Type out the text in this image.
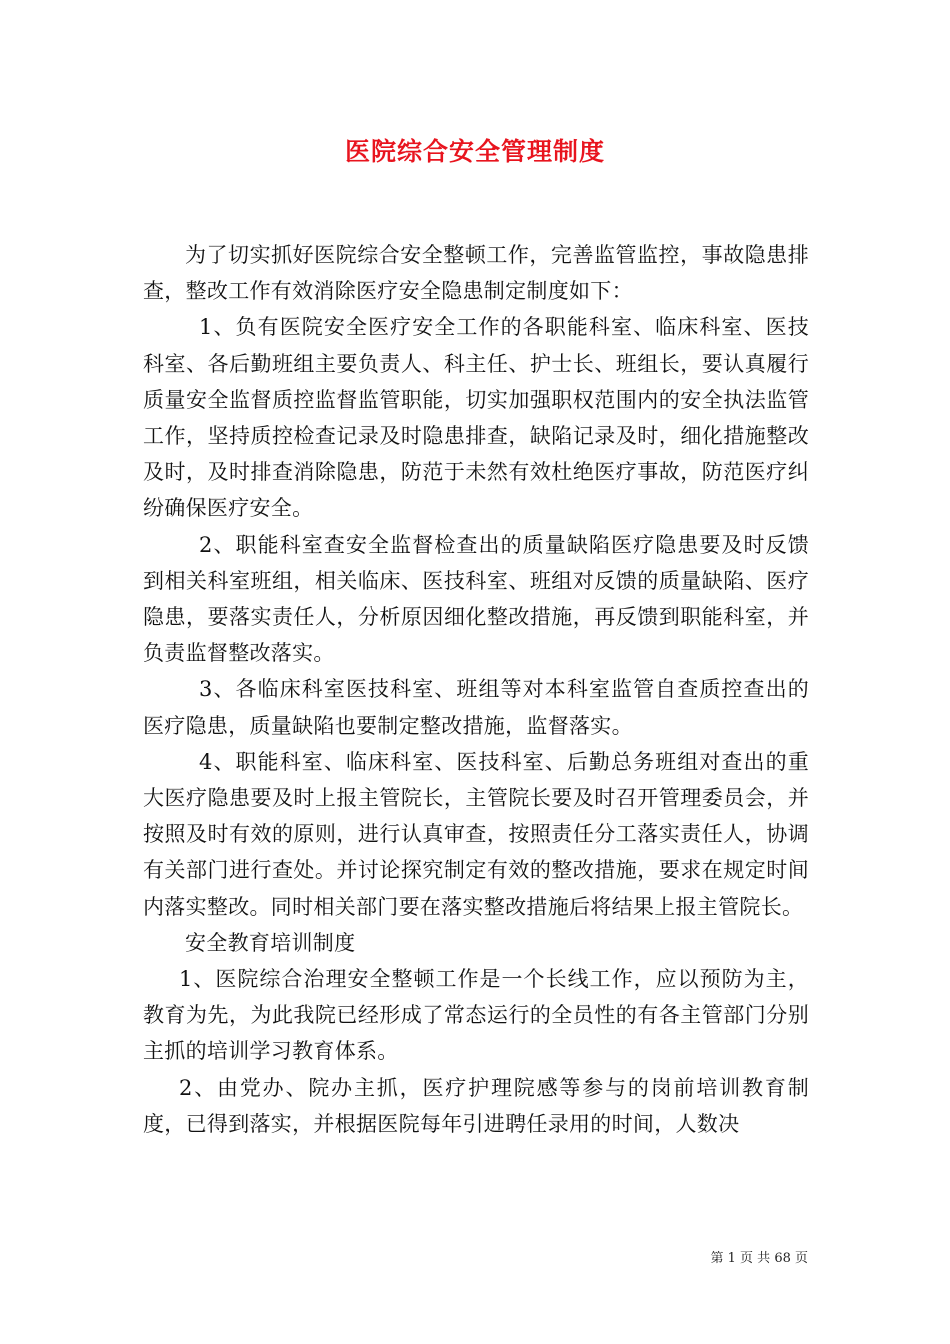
医院综合安全管理制度

为了切实抓好医院综合安全整顿工作，完善监管监控，事故隐患排查，整改工作有效消除医疗安全隐患制定制度如下：

1、负有医院安全医疗安全工作的各职能科室、临床科室、医技科室、各后勤班组主要负责人、科主任、护士长、班组长，要认真履行质量安全监督质控监督监管职能，切实加强职权范围内的安全执法监管工作，坚持质控检查记录及时隐患排查，缺陷记录及时，细化措施整改及时，及时排查消除隐患，防范于未然有效杜绝医疗事故，防范医疗纠纷确保医疗安全。

2、职能科室查安全监督检查出的质量缺陷医疗隐患要及时反馈到相关科室班组，相关临床、医技科室、班组对反馈的质量缺陷、医疗隐患，要落实责任人，分析原因细化整改措施，再反馈到职能科室，并负责监督整改落实。

3、各临床科室医技科室、班组等对本科室监管自查质控查出的医疗隐患，质量缺陷也要制定整改措施，监督落实。

4、职能科室、临床科室、医技科室、后勤总务班组对查出的重大医疗隐患要及时上报主管院长，主管院长要及时召开管理委员会，并按照及时有效的原则，进行认真审查，按照责任分工落实责任人，协调有关部门进行查处。并讨论探究制定有效的整改措施，要求在规定时间内落实整改。同时相关部门要在落实整改措施后将结果上报主管院长。

安全教育培训制度

1、医院综合治理安全整顿工作是一个长线工作，应以预防为主，教育为先，为此我院已经形成了常态运行的全员性的有各主管部门分别主抓的培训学习教育体系。

2、由党办、院办主抓，医疗护理院感等参与的岗前培训教育制度，已得到落实，并根据医院每年引进聘任录用的时间，人数决

第 1 页 共 68 页
